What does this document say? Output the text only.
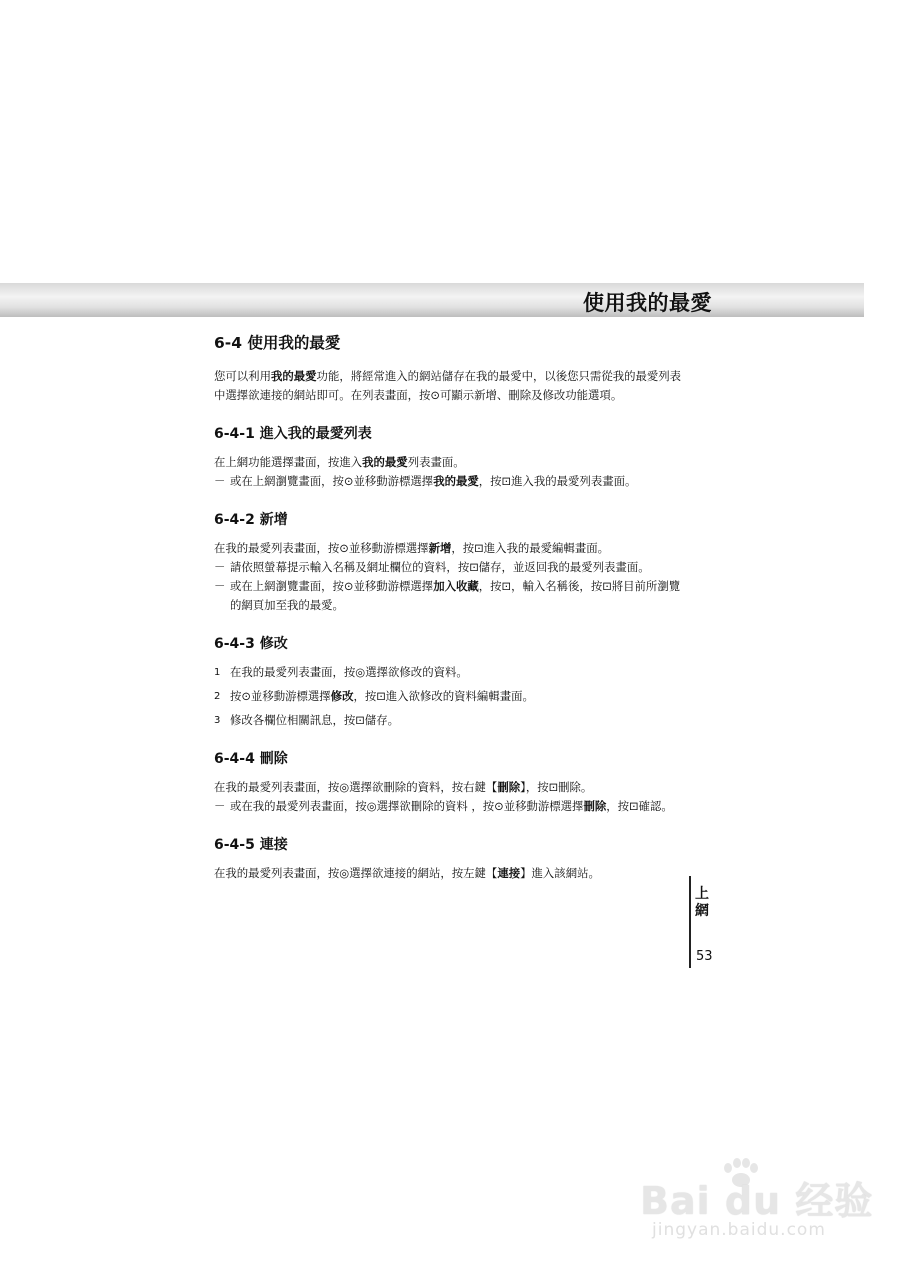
使用我的最愛
6-4 使用我的最愛

您可以利用我的最愛功能，將經常進入的網站儲存在我的最愛中，以後您只需從我的最愛列表中選擇欲連接的網站即可。在列表畫面，按⊙可顯示新增、刪除及修改功能選項。

6-4-1 進入我的最愛列表

在上網功能選擇畫面，按進入我的最愛列表畫面。

－ 或在上網瀏覽畫面，按⊙並移動游標選擇我的最愛，按⊡進入我的最愛列表畫面。
6-4-2 新增

在我的最愛列表畫面，按⊙並移動游標選擇新增，按⊡進入我的最愛編輯畫面。

－ 請依照螢幕提示輸入名稱及網址欄位的資料，按⊡儲存，並返回我的最愛列表畫面。
－ 或在上網瀏覽畫面，按⊙並移動游標選擇加入收藏，按⊡，輸入名稱後，按⊡將目前所瀏覽的網頁加至我的最愛。
6-4-3 修改
1 在我的最愛列表畫面，按◎選擇欲修改的資料。
2 按⊙並移動游標選擇修改，按⊡進入欲修改的資料編輯畫面。
3 修改各欄位相關訊息，按⊡儲存。
6-4-4 刪除

在我的最愛列表畫面，按◎選擇欲刪除的資料，按右鍵【刪除】，按⊡刪除。

－ 或在我的最愛列表畫面，按◎選擇欲刪除的資料 ，按⊙並移動游標選擇刪除，按⊡確認。
6-4-5 連接

在我的最愛列表畫面，按◎選擇欲連接的網站，按左鍵【連接】進入該網站。

上網
53
Bai du 经验
jingyan.baidu.com
